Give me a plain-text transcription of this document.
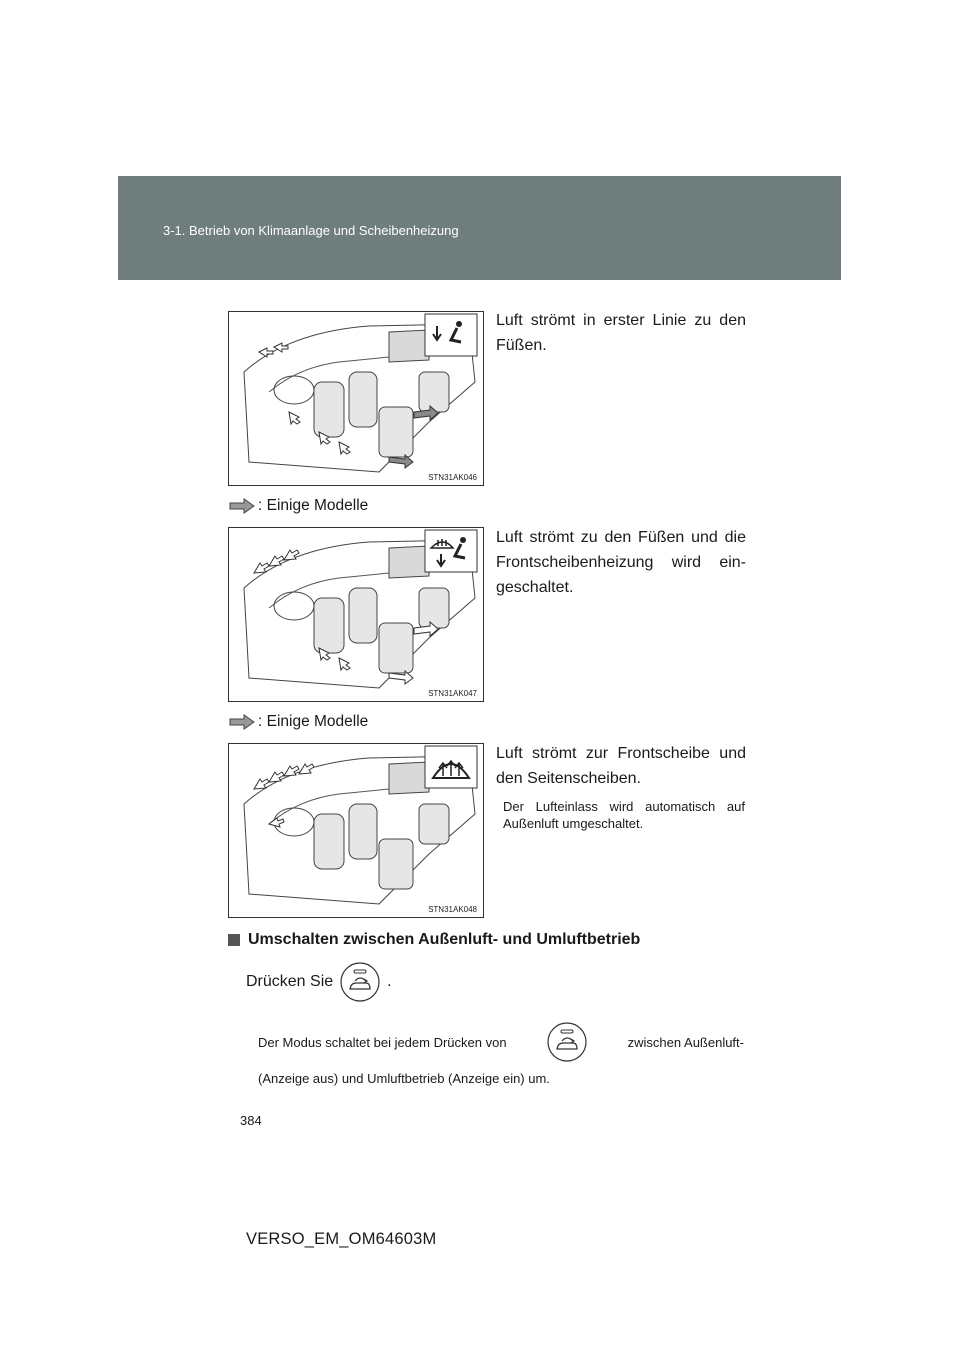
3-1. Betrieb von Klimaanlage und Scheibenheizung
STN31AK046
Luft strömt in erster Linie zu den Füßen.
: Einige Modelle
STN31AK047
Luft strömt zu den Füßen und die Frontscheibenheizung wird ein-geschaltet.
: Einige Modelle
STN31AK048
Luft strömt zur Frontscheibe und den Seitenscheiben.
Der Lufteinlass wird automatisch auf Außenluft umgeschaltet.
Umschalten zwischen Außenluft- und Umluftbetrieb
Drücken Sie	.
Der Modus schaltet bei jedem Drücken von	zwischen Außenluft-
(Anzeige aus) und Umluftbetrieb (Anzeige ein) um.
384
VERSO_EM_OM64603M
